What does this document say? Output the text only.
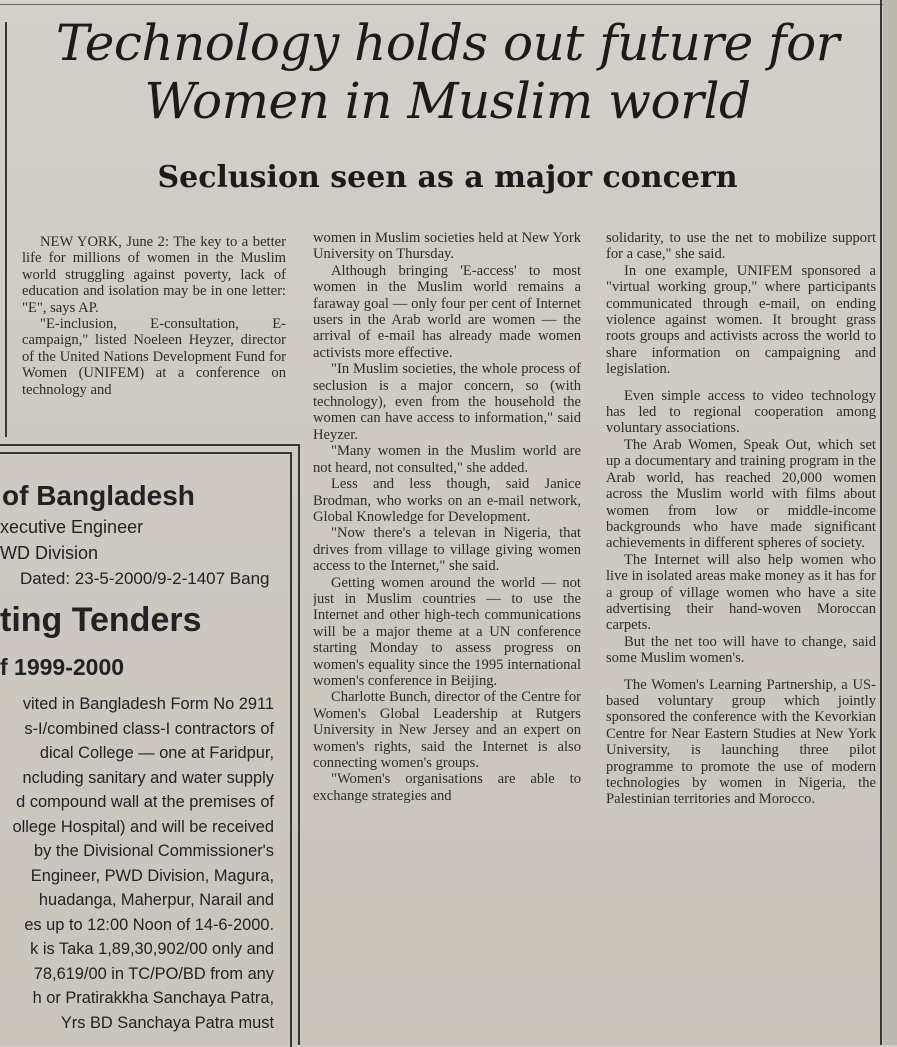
Technology holds out future for
Women in Muslim world
Seclusion seen as a major concern

NEW YORK, June 2: The key to a better life for millions of women in the Muslim world struggling against poverty, lack of education and isolation may be in one letter: "E", says AP.

"E-inclusion, E-consultation, E-campaign," listed Noeleen Heyzer, director of the United Nations Development Fund for Women (UNIFEM) at a conference on technology and

women in Muslim societies held at New York University on Thursday.

Although bringing 'E-access' to most women in the Muslim world remains a faraway goal — only four per cent of Internet users in the Arab world are women — the arrival of e-mail has already made women activists more effective.

"In Muslim societies, the whole process of seclusion is a major concern, so (with technology), even from the household the women can have access to information," said Heyzer.

"Many women in the Muslim world are not heard, not consulted," she added.

Less and less though, said Janice Brodman, who works on an e-mail network, Global Knowledge for Development.

"Now there's a televan in Nigeria, that drives from village to village giving women access to the Internet," she said.

Getting women around the world — not just in Muslim countries — to use the Internet and other high-tech communications will be a major theme at a UN conference starting Monday to assess progress on women's equality since the 1995 international women's conference in Beijing.

Charlotte Bunch, director of the Centre for Women's Global Leadership at Rutgers University in New Jersey and an expert on women's rights, said the Internet is also connecting women's groups.

"Women's organisations are able to exchange strategies and

solidarity, to use the net to mobilize support for a case," she said.

In one example, UNIFEM sponsored a "virtual working group," where participants communicated through e-mail, on ending violence against women. It brought grass roots groups and activists across the world to share information on campaigning and legislation.

Even simple access to video technology has led to regional cooperation among voluntary associations.

The Arab Women, Speak Out, which set up a documentary and training program in the Arab world, has reached 20,000 women across the Muslim world with films about women from low or middle-income backgrounds who have made significant achievements in different spheres of society.

The Internet will also help women who live in isolated areas make money as it has for a group of village women who have a site advertising their hand-woven Moroccan carpets.

But the net too will have to change, said some Muslim women's.

The Women's Learning Partnership, a US-based voluntary group which jointly sponsored the conference with the Kevorkian Centre for Near Eastern Studies at New York University, is launching three pilot programme to promote the use of modern technologies by women in Nigeria, the Palestinian territories and Morocco.

of Bangladesh
xecutive Engineer
WD Division
Dated: 23-5-2000/9-2-1407 Bang
ting Tenders
f 1999-2000
vited in Bangladesh Form No 2911
s-I/combined class-I contractors of
dical College — one at Faridpur,
ncluding sanitary and water supply
d compound wall at the premises of
ollege Hospital) and will be received
by the Divisional Commissioner's
Engineer, PWD Division, Magura,
huadanga, Maherpur, Narail and
es up to 12:00 Noon of 14-6-2000.
k is Taka 1,89,30,902/00 only and
78,619/00 in TC/PO/BD from any
h or Pratirakkha Sanchaya Patra,
Yrs BD Sanchaya Patra must
